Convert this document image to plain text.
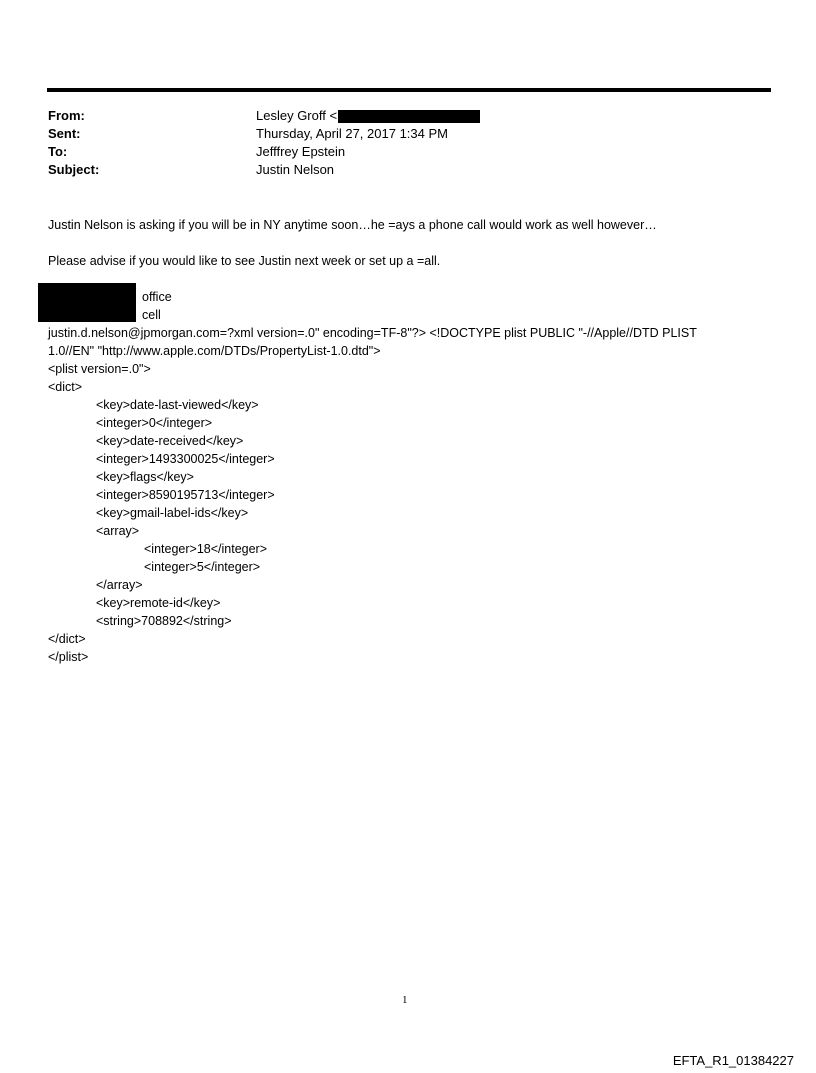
From:
Sent:
To:
Subject:
Lesley Groff <
Thursday, April 27, 2017 1:34 PM
Jefffrey Epstein
Justin Nelson
Justin Nelson is asking if you will be in NY anytime soon…he =ays a phone call would work as well however…
Please advise if you would like to see Justin next week or set up a =all.
office
cell
justin.d.nelson@jpmorgan.com=?xml version=.0" encoding=TF-8"?> <!DOCTYPE plist PUBLIC "-//Apple//DTD PLIST
1.0//EN" "http://www.apple.com/DTDs/PropertyList-1.0.dtd">
<plist version=.0">
<dict>
<key>date-last-viewed</key>
<integer>0</integer>
<key>date-received</key>
<integer>1493300025</integer>
<key>flags</key>
<integer>8590195713</integer>
<key>gmail-label-ids</key>
<array>
<integer>18</integer>
<integer>5</integer>
</array>
<key>remote-id</key>
<string>708892</string>
</dict>
</plist>
1
EFTA_R1_01384227
